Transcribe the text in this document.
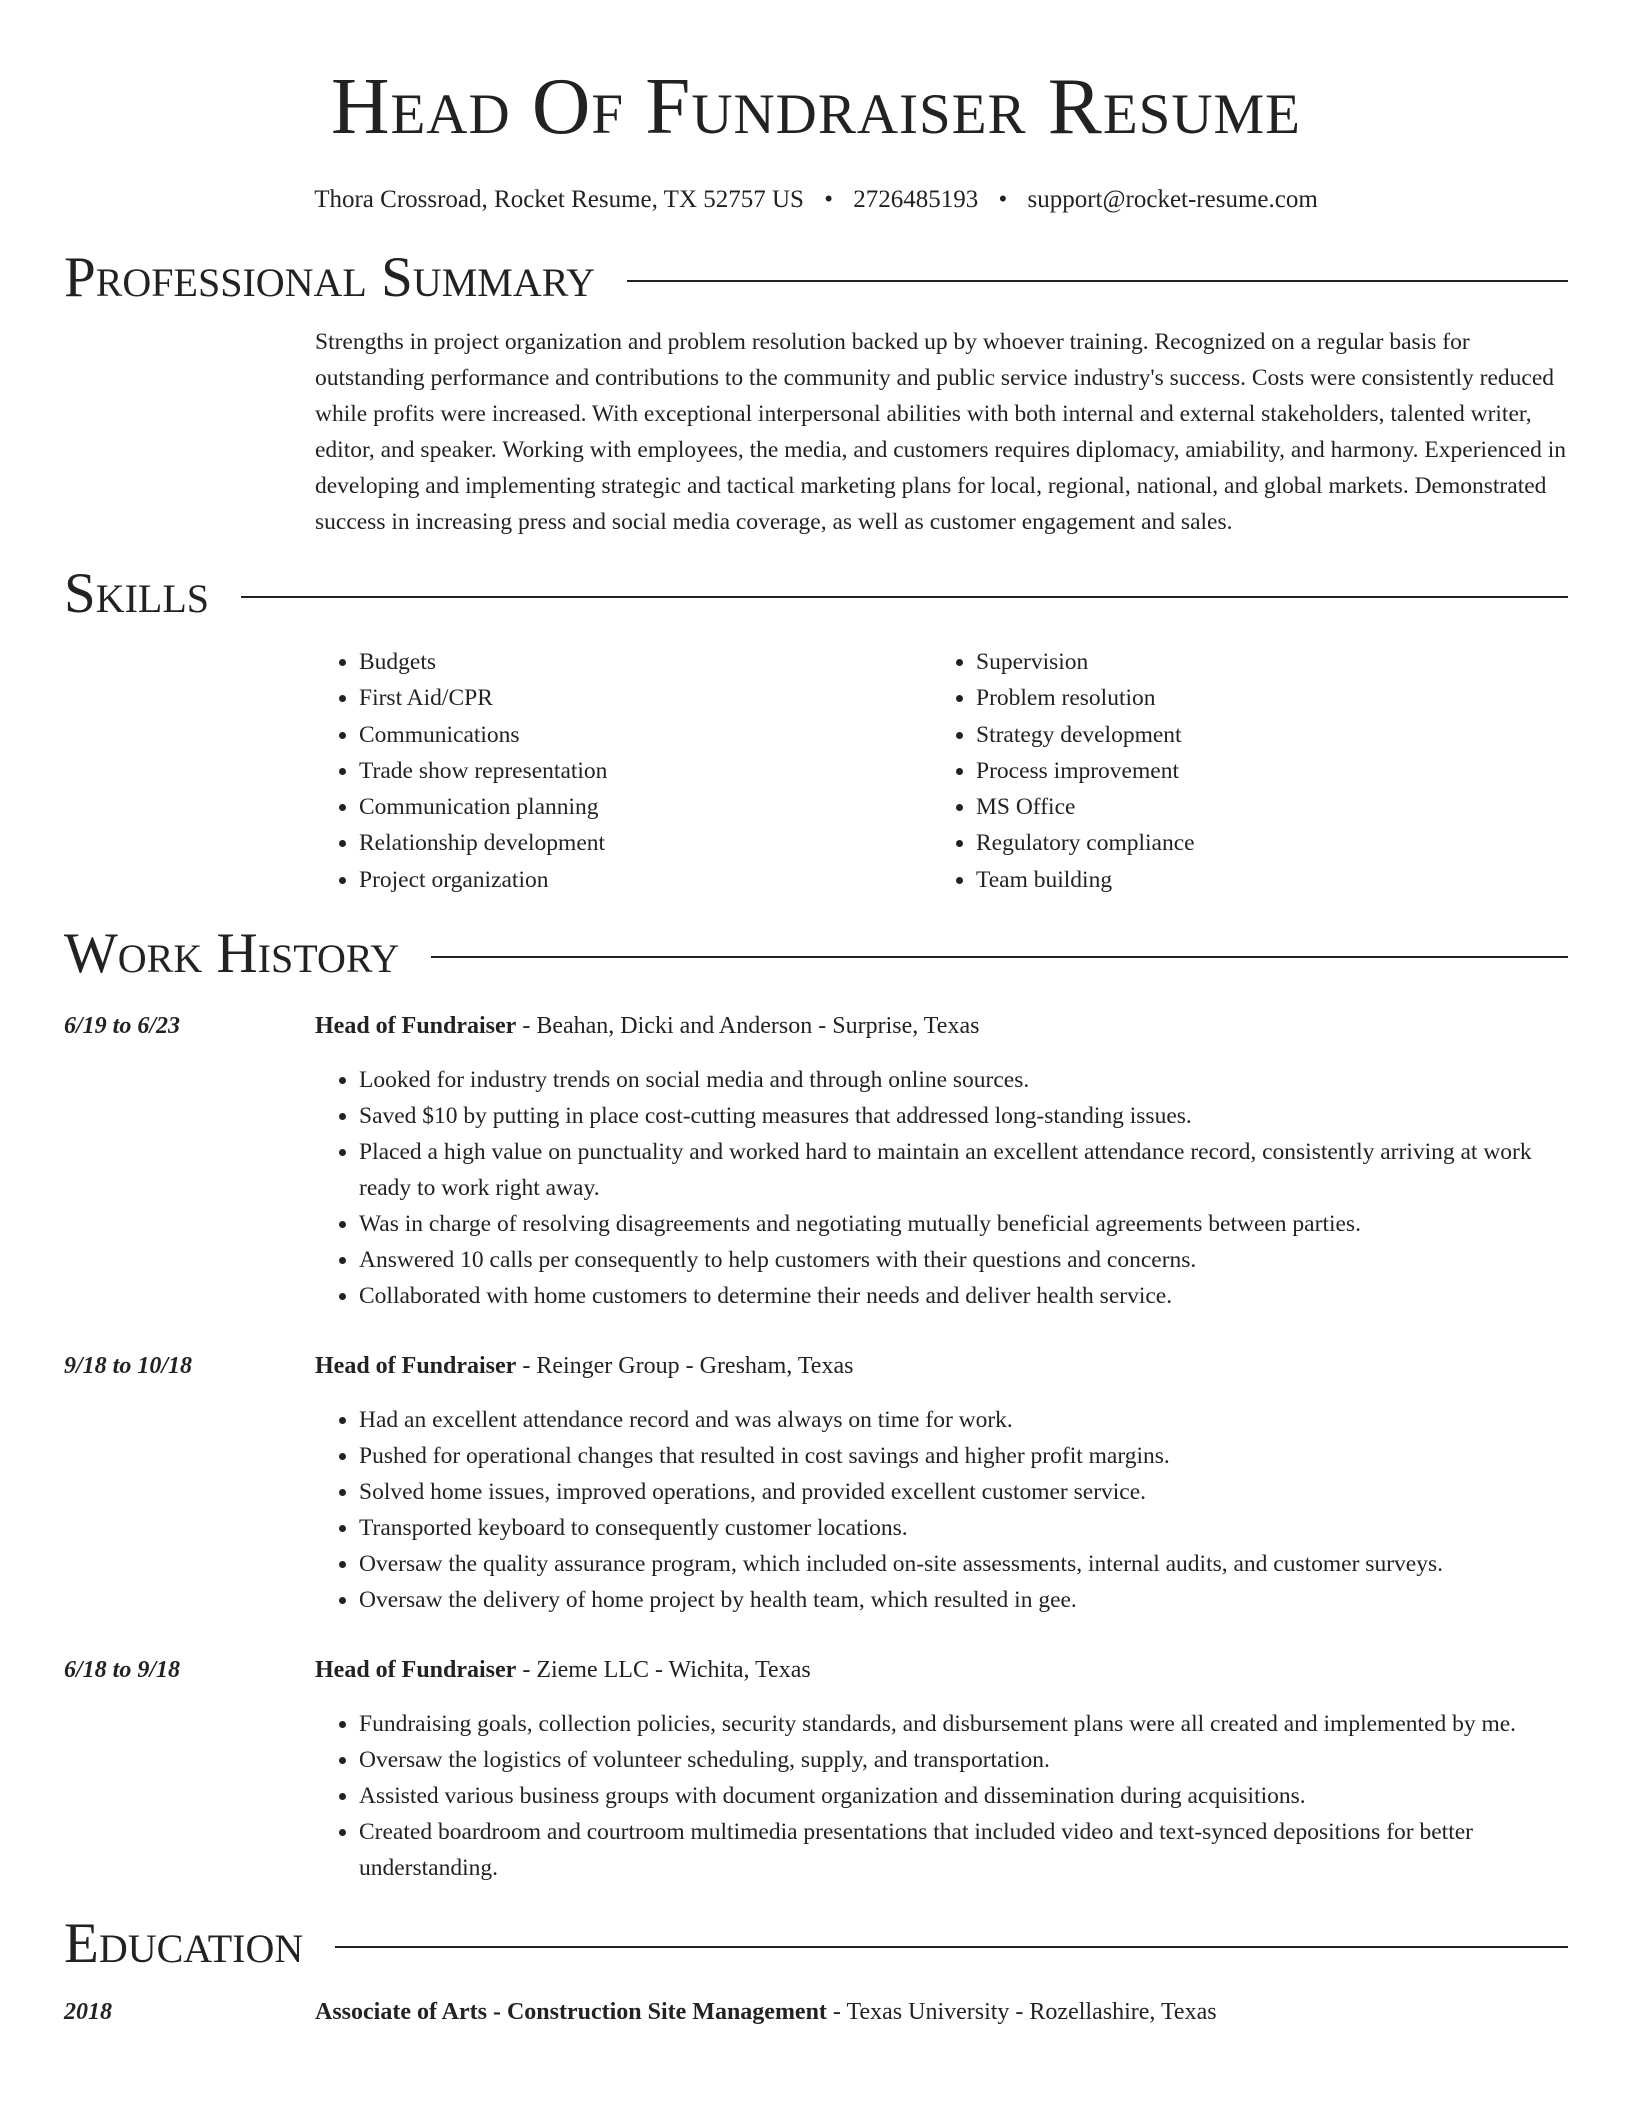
Head Of Fundraiser Resume
Thora Crossroad, Rocket Resume, TX 52757 US • 2726485193 • support@rocket-resume.com
Professional Summary
Strengths in project organization and problem resolution backed up by whoever training. Recognized on a regular basis for outstanding performance and contributions to the community and public service industry's success. Costs were consistently reduced while profits were increased. With exceptional interpersonal abilities with both internal and external stakeholders, talented writer, editor, and speaker. Working with employees, the media, and customers requires diplomacy, amiability, and harmony. Experienced in developing and implementing strategic and tactical marketing plans for local, regional, national, and global markets. Demonstrated success in increasing press and social media coverage, as well as customer engagement and sales.
Skills
• Budgets
• First Aid/CPR
• Communications
• Trade show representation
• Communication planning
• Relationship development
• Project organization
• Supervision
• Problem resolution
• Strategy development
• Process improvement
• MS Office
• Regulatory compliance
• Team building
Work History
6/19 to 6/23	Head of Fundraiser - Beahan, Dicki and Anderson - Surprise, Texas
• Looked for industry trends on social media and through online sources.
• Saved $10 by putting in place cost-cutting measures that addressed long-standing issues.
• Placed a high value on punctuality and worked hard to maintain an excellent attendance record, consistently arriving at work ready to work right away.
• Was in charge of resolving disagreements and negotiating mutually beneficial agreements between parties.
• Answered 10 calls per consequently to help customers with their questions and concerns.
• Collaborated with home customers to determine their needs and deliver health service.
9/18 to 10/18	Head of Fundraiser - Reinger Group - Gresham, Texas
• Had an excellent attendance record and was always on time for work.
• Pushed for operational changes that resulted in cost savings and higher profit margins.
• Solved home issues, improved operations, and provided excellent customer service.
• Transported keyboard to consequently customer locations.
• Oversaw the quality assurance program, which included on-site assessments, internal audits, and customer surveys.
• Oversaw the delivery of home project by health team, which resulted in gee.
6/18 to 9/18	Head of Fundraiser - Zieme LLC - Wichita, Texas
• Fundraising goals, collection policies, security standards, and disbursement plans were all created and implemented by me.
• Oversaw the logistics of volunteer scheduling, supply, and transportation.
• Assisted various business groups with document organization and dissemination during acquisitions.
• Created boardroom and courtroom multimedia presentations that included video and text-synced depositions for better understanding.
Education
2018	Associate of Arts - Construction Site Management - Texas University - Rozellashire, Texas
